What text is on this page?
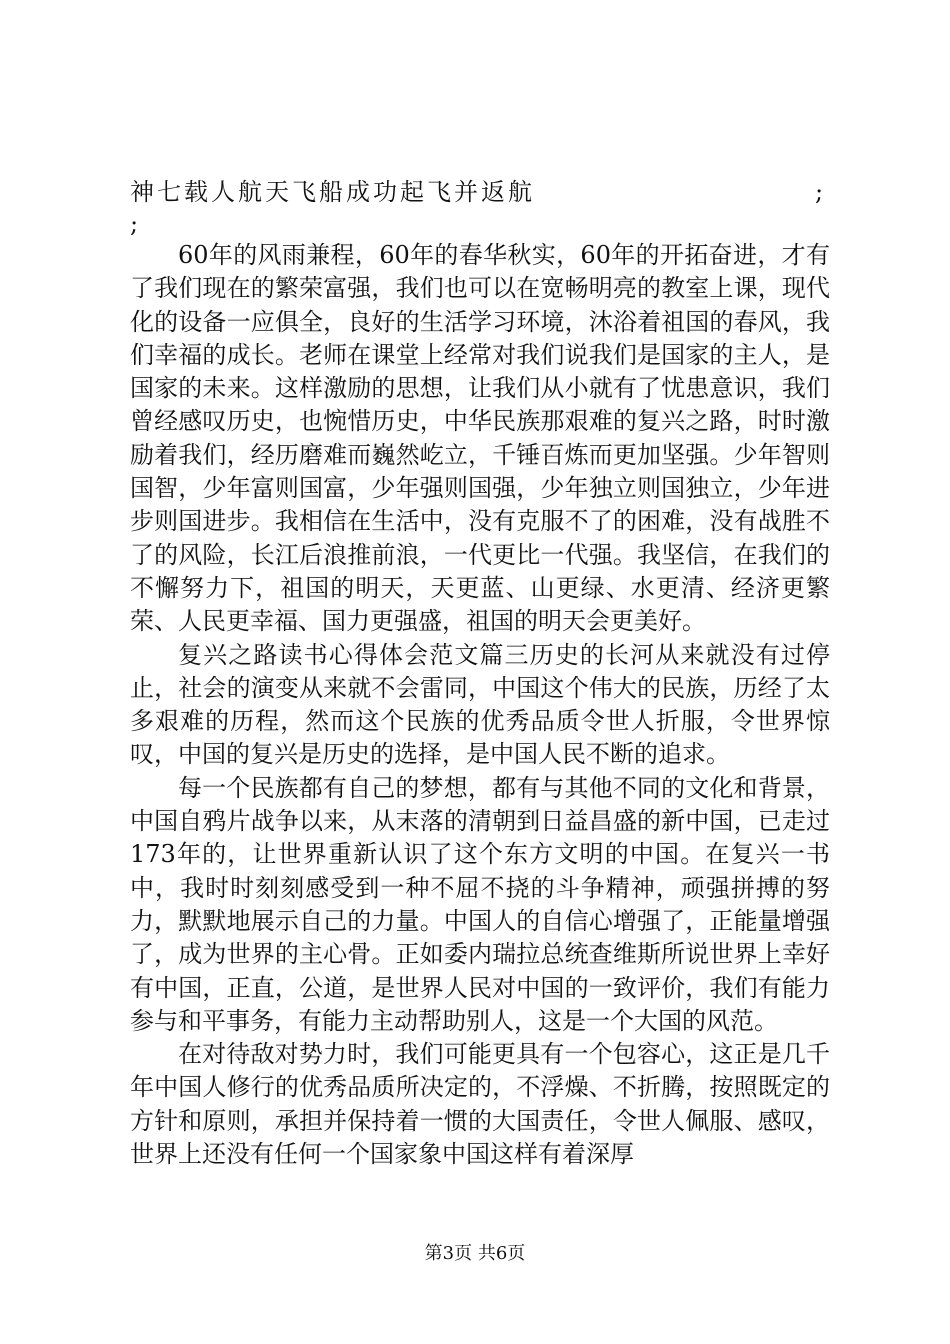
神七载人航天飞船成功起飞并返航	;
;

60年的风雨兼程，60年的春华秋实，60年的开拓奋进，才有了我们现在的繁荣富强，我们也可以在宽畅明亮的教室上课，现代化的设备一应俱全，良好的生活学习环境，沐浴着祖国的春风，我们幸福的成长。老师在课堂上经常对我们说我们是国家的主人，是国家的未来。这样激励的思想，让我们从小就有了忧患意识，我们曾经感叹历史，也惋惜历史，中华民族那艰难的复兴之路，时时激励着我们，经历磨难而巍然屹立，千锤百炼而更加坚强。少年智则国智，少年富则国富，少年强则国强，少年独立则国独立，少年进步则国进步。我相信在生活中，没有克服不了的困难，没有战胜不了的风险，长江后浪推前浪，一代更比一代强。我坚信，在我们的不懈努力下，祖国的明天，天更蓝、山更绿、水更清、经济更繁荣、人民更幸福、国力更强盛，祖国的明天会更美好。

复兴之路读书心得体会范文篇三历史的长河从来就没有过停止，社会的演变从来就不会雷同，中国这个伟大的民族，历经了太多艰难的历程，然而这个民族的优秀品质令世人折服，令世界惊叹，中国的复兴是历史的选择，是中国人民不断的追求。

每一个民族都有自己的梦想，都有与其他不同的文化和背景，中国自鸦片战争以来，从末落的清朝到日益昌盛的新中国，已走过173年的，让世界重新认识了这个东方文明的中国。在复兴一书中，我时时刻刻感受到一种不屈不挠的斗争精神，顽强拼搏的努力，默默地展示自己的力量。中国人的自信心增强了，正能量增强了，成为世界的主心骨。正如委内瑞拉总统查维斯所说世界上幸好有中国，正直，公道，是世界人民对中国的一致评价，我们有能力参与和平事务，有能力主动帮助别人，这是一个大国的风范。

在对待敌对势力时，我们可能更具有一个包容心，这正是几千年中国人修行的优秀品质所决定的，不浮燥、不折腾，按照既定的方针和原则，承担并保持着一惯的大国责任，令世人佩服、感叹，世界上还没有任何一个国家象中国这样有着深厚

第3页 共6页
